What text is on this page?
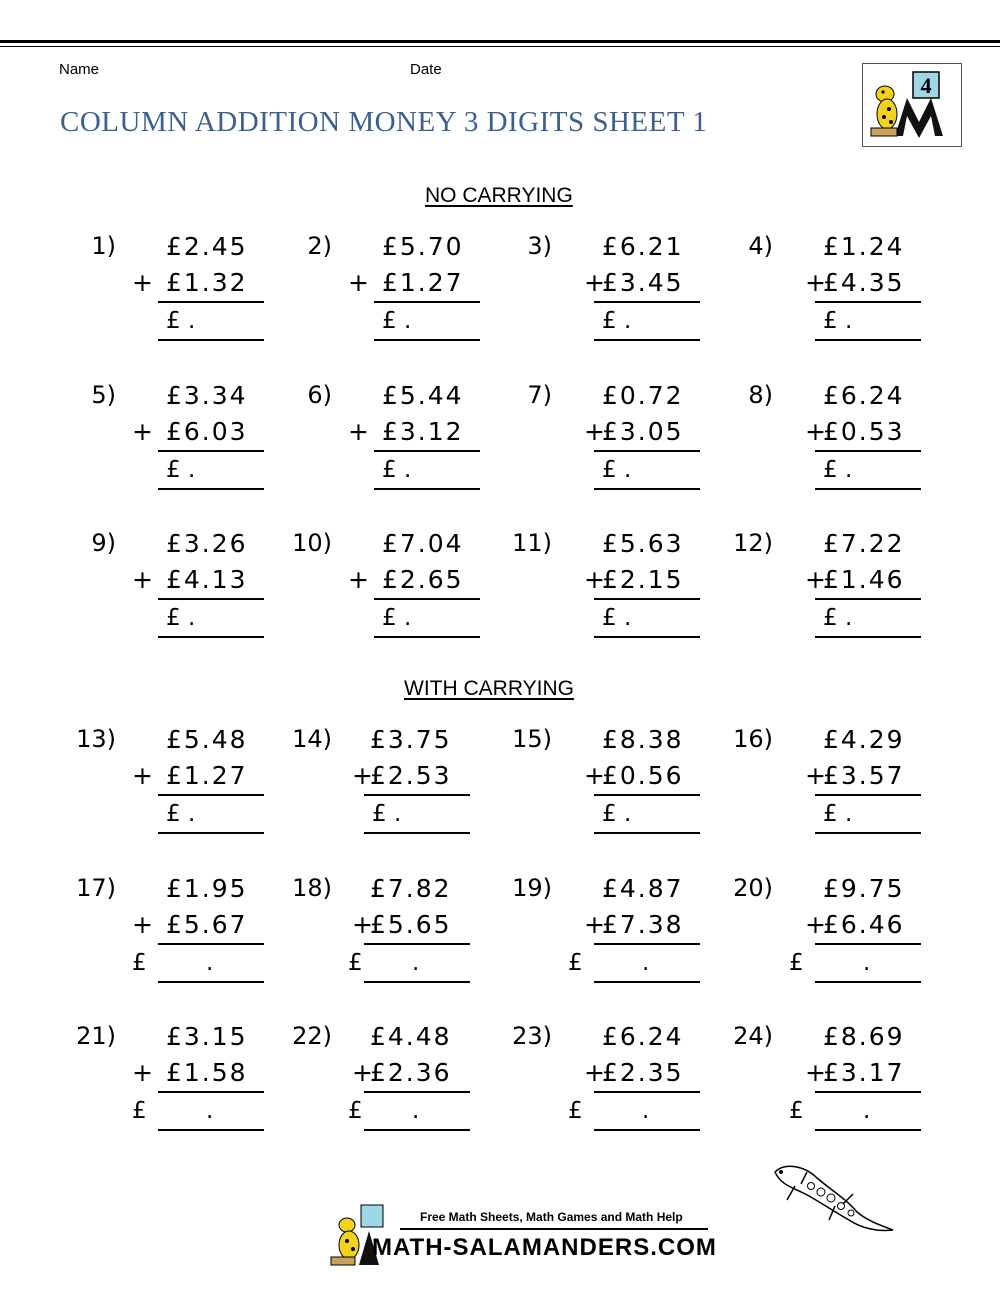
Name	Date
COLUMN ADDITION MONEY 3 DIGITS SHEET 1
4
NO CARRYING
1) £2.45
+ £1.32
£ .
2) £5.70
+ £1.27
£ .
3) £6.21
+
£3.45
£ .
4) £1.24
+
£4.35
£ .
5) £3.34
+ £6.03
£ .
6) £5.44
+ £3.12
£ .
7) £0.72
+
£3.05
£ .
8) £6.24
+
£0.53
£ .
9) £3.26
+ £4.13
£ .
10) £7.04
+ £2.65
£ .
11) £5.63
+
£2.15
£ .
12) £7.22
+
£1.46
£ .
WITH CARRYING
13) £5.48
+ £1.27
£ .
14) £3.75
+
£2.53
£ .
15) £8.38
+
£0.56
£ .
16) £4.29
+
£3.57
£ .
17) £1.95
+ £5.67
£	.
18) £7.82
+
£5.65
£ .
19) £4.87
+
£7.38
£	.
20) £9.75
+
£6.46
£	.
21) £3.15
+ £1.58
£	.
22) £4.48
+
£2.36
£ .
23) £6.24
+
£2.35
£	.
24) £8.69
+
£3.17
£	.
Free Math Sheets, Math Games and Math Help
MATH-SALAMANDERS.COM
